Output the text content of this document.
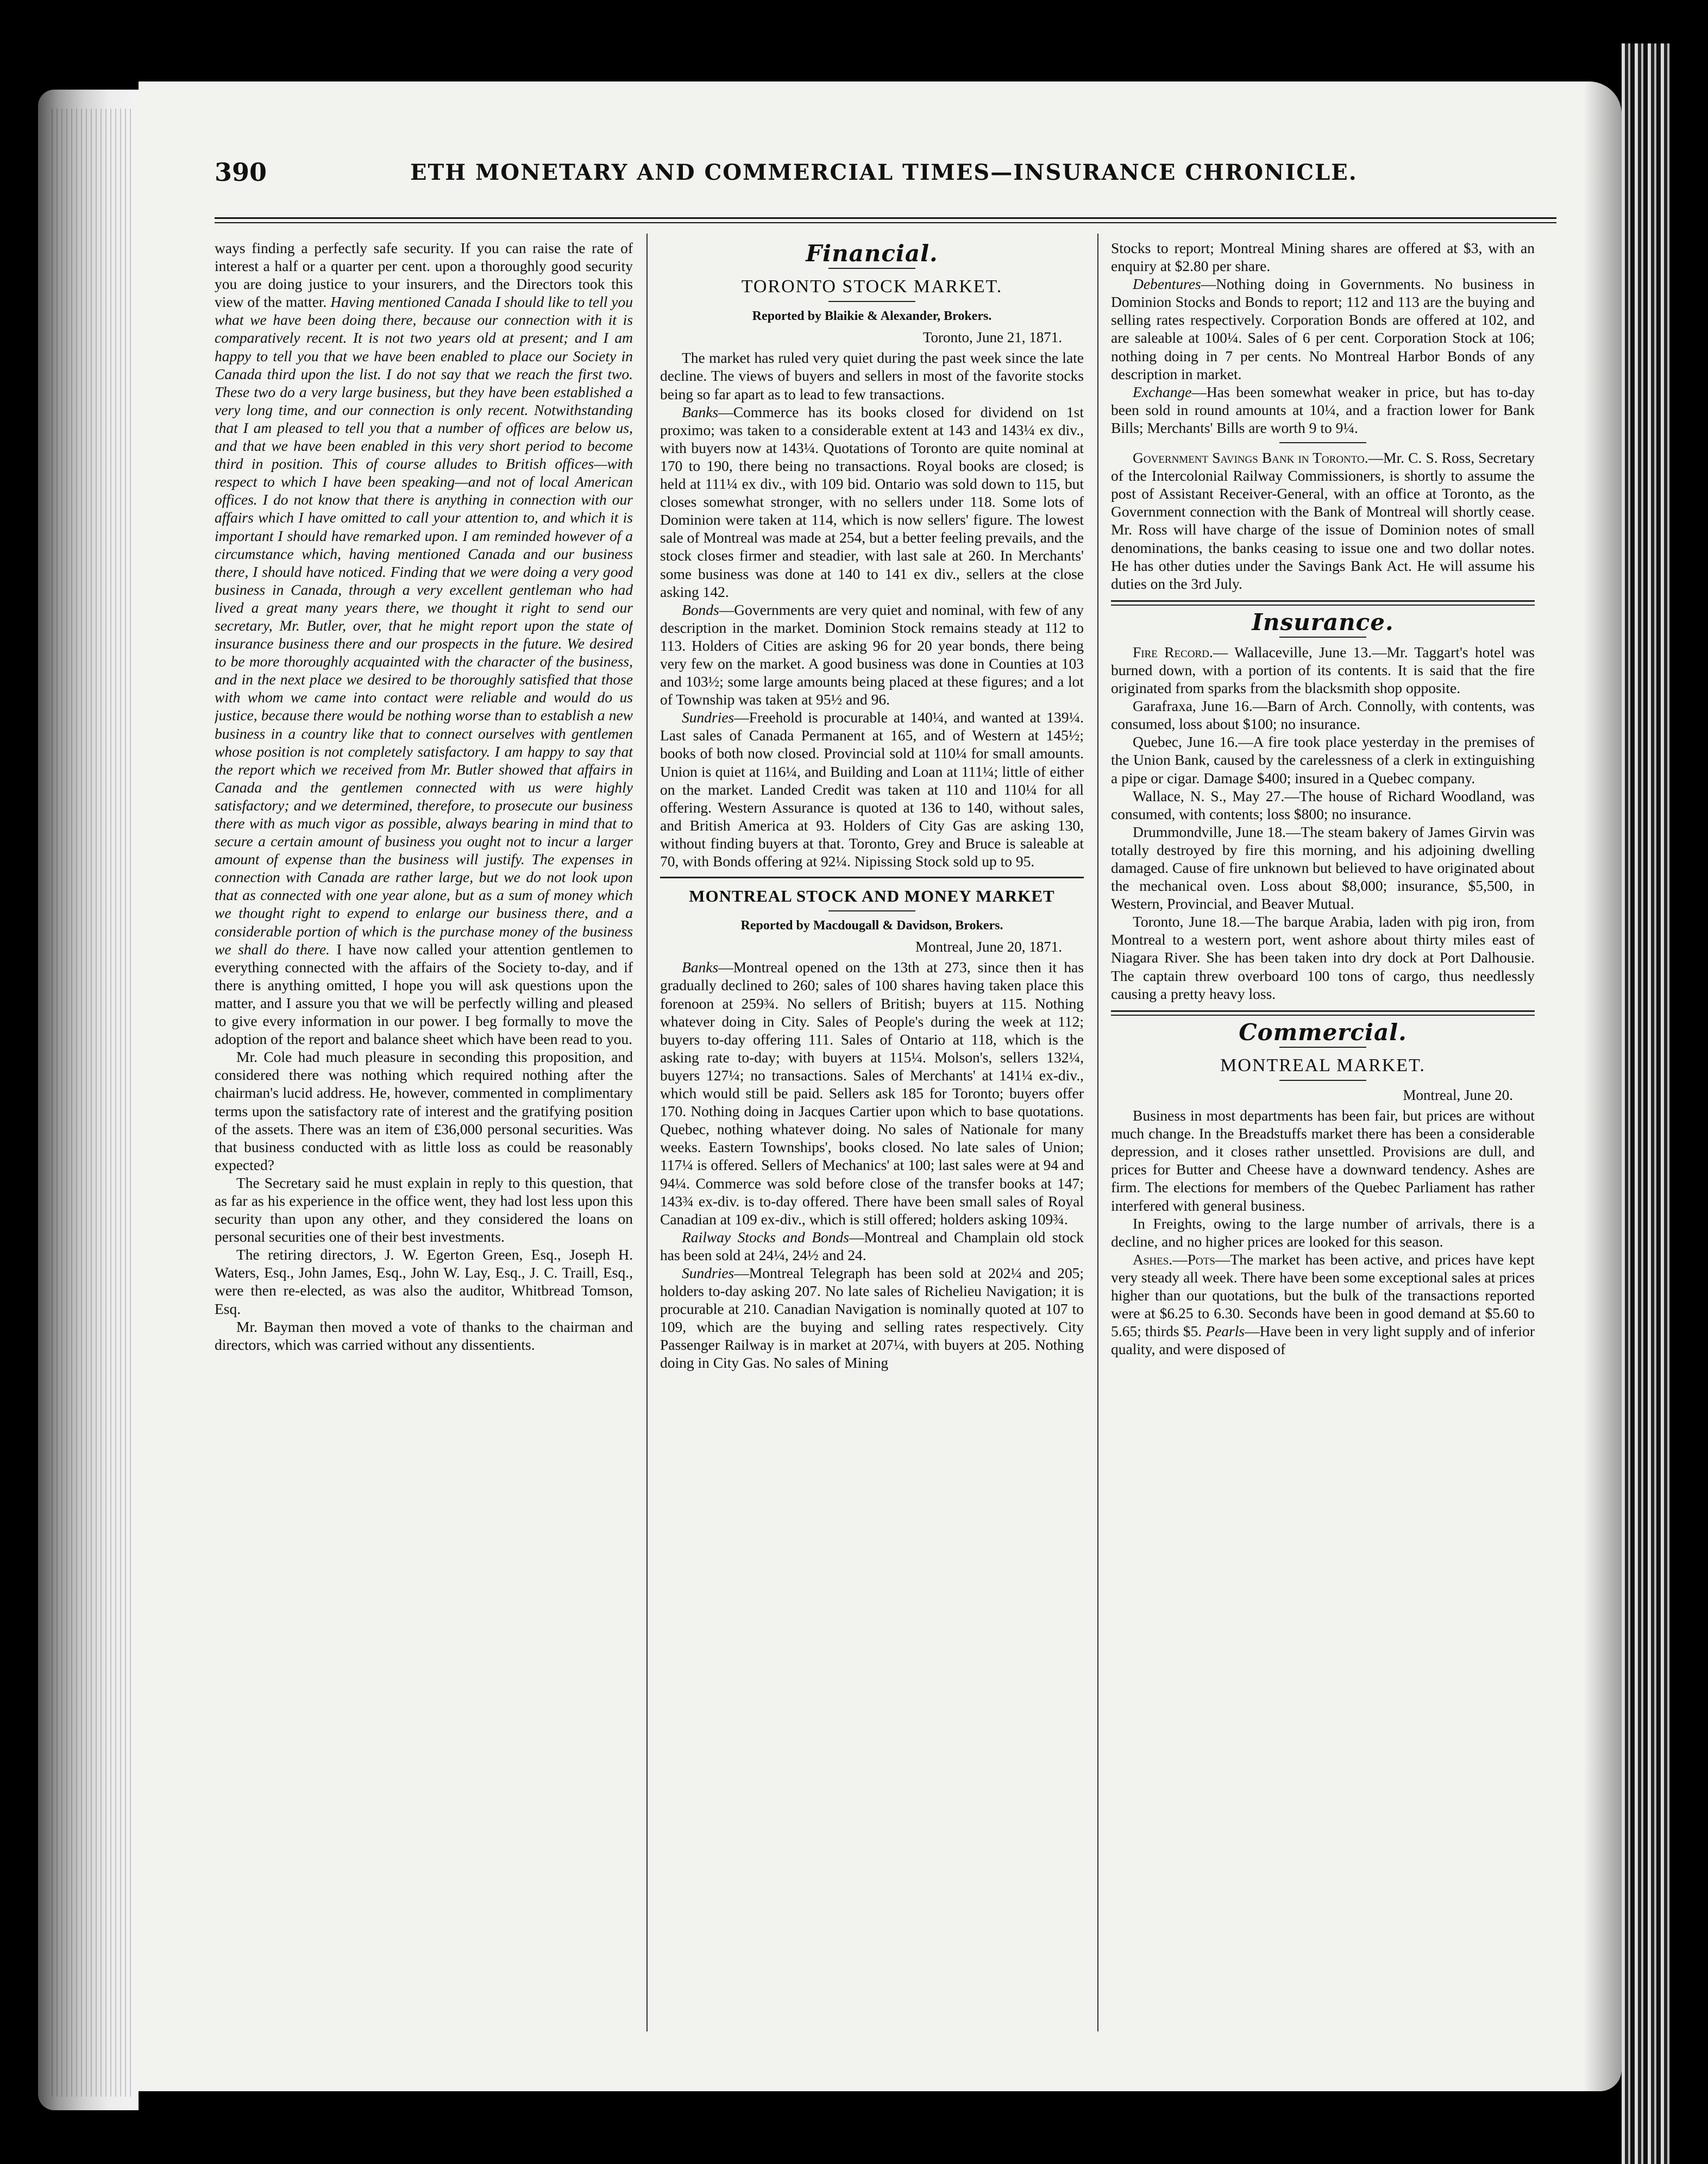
390	ETH MONETARY AND COMMERCIAL TIMES—INSURANCE CHRONICLE.

ways finding a perfectly safe security. If you can raise the rate of interest a half or a quarter per cent. upon a thoroughly good security you are doing justice to your insurers, and the Directors took this view of the matter. Having mentioned Canada I should like to tell you what we have been doing there, because our connection with it is comparatively recent. It is not two years old at present; and I am happy to tell you that we have been enabled to place our Society in Canada third upon the list. I do not say that we reach the first two. These two do a very large business, but they have been established a very long time, and our connection is only recent. Notwithstanding that I am pleased to tell you that a number of offices are below us, and that we have been enabled in this very short period to become third in position. This of course alludes to British offices—with respect to which I have been speaking—and not of local American offices. I do not know that there is anything in connection with our affairs which I have omitted to call your attention to, and which it is important I should have remarked upon. I am reminded however of a circumstance which, having mentioned Canada and our business there, I should have noticed. Finding that we were doing a very good business in Canada, through a very excellent gentleman who had lived a great many years there, we thought it right to send our secretary, Mr. Butler, over, that he might report upon the state of insurance business there and our prospects in the future. We desired to be more thoroughly acquainted with the character of the business, and in the next place we desired to be thoroughly satisfied that those with whom we came into contact were reliable and would do us justice, because there would be nothing worse than to establish a new business in a country like that to connect ourselves with gentlemen whose position is not completely satisfactory. I am happy to say that the report which we received from Mr. Butler showed that affairs in Canada and the gentlemen connected with us were highly satisfactory; and we determined, therefore, to prosecute our business there with as much vigor as possible, always bearing in mind that to secure a certain amount of business you ought not to incur a larger amount of expense than the business will justify. The expenses in connection with Canada are rather large, but we do not look upon that as connected with one year alone, but as a sum of money which we thought right to expend to enlarge our business there, and a considerable portion of which is the purchase money of the business we shall do there. I have now called your attention gentlemen to everything connected with the affairs of the Society to-day, and if there is anything omitted, I hope you will ask questions upon the matter, and I assure you that we will be perfectly willing and pleased to give every information in our power. I beg formally to move the adoption of the report and balance sheet which have been read to you.

Mr. Cole had much pleasure in seconding this proposition, and considered there was nothing which required nothing after the chairman's lucid address. He, however, commented in complimentary terms upon the satisfactory rate of interest and the gratifying position of the assets. There was an item of £36,000 personal securities. Was that business conducted with as little loss as could be reasonably expected?

The Secretary said he must explain in reply to this question, that as far as his experience in the office went, they had lost less upon this security than upon any other, and they considered the loans on personal securities one of their best investments.

The retiring directors, J. W. Egerton Green, Esq., Joseph H. Waters, Esq., John James, Esq., John W. Lay, Esq., J. C. Traill, Esq., were then re-elected, as was also the auditor, Whitbread Tomson, Esq.

Mr. Bayman then moved a vote of thanks to the chairman and directors, which was carried without any dissentients.

Financial.
TORONTO STOCK MARKET.
Reported by Blaikie & Alexander, Brokers.
Toronto, June 21, 1871.

The market has ruled very quiet during the past week since the late decline. The views of buyers and sellers in most of the favorite stocks being so far apart as to lead to few transactions.

Banks—Commerce has its books closed for dividend on 1st proximo; was taken to a considerable extent at 143 and 143¼ ex div., with buyers now at 143¼. Quotations of Toronto are quite nominal at 170 to 190, there being no transactions. Royal books are closed; is held at 111¼ ex div., with 109 bid. Ontario was sold down to 115, but closes somewhat stronger, with no sellers under 118. Some lots of Dominion were taken at 114, which is now sellers' figure. The lowest sale of Montreal was made at 254, but a better feeling prevails, and the stock closes firmer and steadier, with last sale at 260. In Merchants' some business was done at 140 to 141 ex div., sellers at the close asking 142.

Bonds—Governments are very quiet and nominal, with few of any description in the market. Dominion Stock remains steady at 112 to 113. Holders of Cities are asking 96 for 20 year bonds, there being very few on the market. A good business was done in Counties at 103 and 103½; some large amounts being placed at these figures; and a lot of Township was taken at 95½ and 96.

Sundries—Freehold is procurable at 140¼, and wanted at 139¼. Last sales of Canada Permanent at 165, and of Western at 145½; books of both now closed. Provincial sold at 110¼ for small amounts. Union is quiet at 116¼, and Building and Loan at 111¼; little of either on the market. Landed Credit was taken at 110 and 110¼ for all offering. Western Assurance is quoted at 136 to 140, without sales, and British America at 93. Holders of City Gas are asking 130, without finding buyers at that. Toronto, Grey and Bruce is saleable at 70, with Bonds offering at 92¼. Nipissing Stock sold up to 95.

MONTREAL STOCK AND MONEY MARKET
Reported by Macdougall & Davidson, Brokers.
Montreal, June 20, 1871.

Banks—Montreal opened on the 13th at 273, since then it has gradually declined to 260; sales of 100 shares having taken place this forenoon at 259¾. No sellers of British; buyers at 115. Nothing whatever doing in City. Sales of People's during the week at 112; buyers to-day offering 111. Sales of Ontario at 118, which is the asking rate to-day; with buyers at 115¼. Molson's, sellers 132¼, buyers 127¼; no transactions. Sales of Merchants' at 141¼ ex-div., which would still be paid. Sellers ask 185 for Toronto; buyers offer 170. Nothing doing in Jacques Cartier upon which to base quotations. Quebec, nothing whatever doing. No sales of Nationale for many weeks. Eastern Townships', books closed. No late sales of Union; 117¼ is offered. Sellers of Mechanics' at 100; last sales were at 94 and 94¼. Commerce was sold before close of the transfer books at 147; 143¾ ex-div. is to-day offered. There have been small sales of Royal Canadian at 109 ex-div., which is still offered; holders asking 109¾.

Railway Stocks and Bonds—Montreal and Champlain old stock has been sold at 24¼, 24½ and 24.

Sundries—Montreal Telegraph has been sold at 202¼ and 205; holders to-day asking 207. No late sales of Richelieu Navigation; it is procurable at 210. Canadian Navigation is nominally quoted at 107 to 109, which are the buying and selling rates respectively. City Passenger Railway is in market at 207¼, with buyers at 205. Nothing doing in City Gas. No sales of Mining

Stocks to report; Montreal Mining shares are offered at $3, with an enquiry at $2.80 per share.

Debentures—Nothing doing in Governments. No business in Dominion Stocks and Bonds to report; 112 and 113 are the buying and selling rates respectively. Corporation Bonds are offered at 102, and are saleable at 100¼. Sales of 6 per cent. Corporation Stock at 106; nothing doing in 7 per cents. No Montreal Harbor Bonds of any description in market.

Exchange—Has been somewhat weaker in price, but has to-day been sold in round amounts at 10¼, and a fraction lower for Bank Bills; Merchants' Bills are worth 9 to 9¼.

Government Savings Bank in Toronto.—Mr. C. S. Ross, Secretary of the Intercolonial Railway Commissioners, is shortly to assume the post of Assistant Receiver-General, with an office at Toronto, as the Government connection with the Bank of Montreal will shortly cease. Mr. Ross will have charge of the issue of Dominion notes of small denominations, the banks ceasing to issue one and two dollar notes. He has other duties under the Savings Bank Act. He will assume his duties on the 3rd July.

Insurance.

Fire Record.— Wallaceville, June 13.—Mr. Taggart's hotel was burned down, with a portion of its contents. It is said that the fire originated from sparks from the blacksmith shop opposite.

Garafraxa, June 16.—Barn of Arch. Connolly, with contents, was consumed, loss about $100; no insurance.

Quebec, June 16.—A fire took place yesterday in the premises of the Union Bank, caused by the carelessness of a clerk in extinguishing a pipe or cigar. Damage $400; insured in a Quebec company.

Wallace, N. S., May 27.—The house of Richard Woodland, was consumed, with contents; loss $800; no insurance.

Drummondville, June 18.—The steam bakery of James Girvin was totally destroyed by fire this morning, and his adjoining dwelling damaged. Cause of fire unknown but believed to have originated about the mechanical oven. Loss about $8,000; insurance, $5,500, in Western, Provincial, and Beaver Mutual.

Toronto, June 18.—The barque Arabia, laden with pig iron, from Montreal to a western port, went ashore about thirty miles east of Niagara River. She has been taken into dry dock at Port Dalhousie. The captain threw overboard 100 tons of cargo, thus needlessly causing a pretty heavy loss.

Commercial.
MONTREAL MARKET.
Montreal, June 20.

Business in most departments has been fair, but prices are without much change. In the Breadstuffs market there has been a considerable depression, and it closes rather unsettled. Provisions are dull, and prices for Butter and Cheese have a downward tendency. Ashes are firm. The elections for members of the Quebec Parliament has rather interfered with general business.

In Freights, owing to the large number of arrivals, there is a decline, and no higher prices are looked for this season.

Ashes.—Pots—The market has been active, and prices have kept very steady all week. There have been some exceptional sales at prices higher than our quotations, but the bulk of the transactions reported were at $6.25 to 6.30. Seconds have been in good demand at $5.60 to 5.65; thirds $5. Pearls—Have been in very light supply and of inferior quality, and were disposed of
